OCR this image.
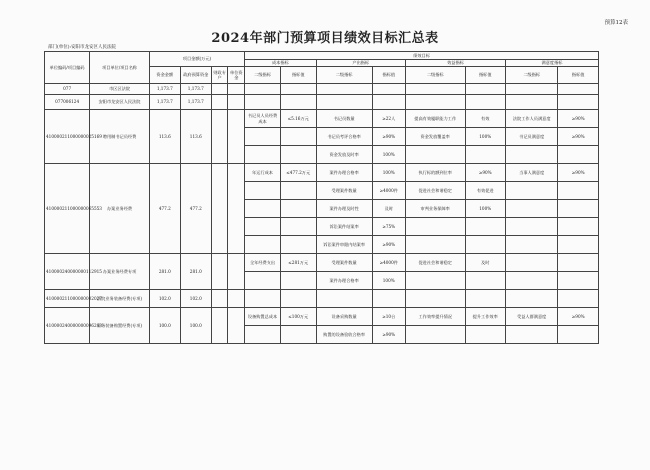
预算12表
2024年部门预算项目绩效目标汇总表
部门(单位):安阳市龙安区人民法院
单位编码/项目编码	项目单位/项目名称	项目金额(万元)				绩效目标							
						成本指标		产出指标		效益指标		满意度指标	
		资金金额	政府预算资金	财政专户	单位资金	二级指标	指标值	二级指标	指标值	二级指标	指标值	二级指标	指标值
077	市区区法院	1,173.7	1,173.7										
077006124	安阳市龙安区人民法院	1,173.7	1,173.7										
410000211000000025169	聘用制书记员经费	113.6	113.6			书记员人员经费成本	≤5.16万元	书记员数量	≥22人	提高有效履职能力工作	有效	法院工作人员满意度	≥90%
								书记员考评合格率	≥90%	资金发放覆盖率	100%	书记员满意度	≥90%
								资金发放及时率	100%				
410000211000000065553	办案业务经费	477.2	477.2			年运行成本	≤477.2万元	案件办理合格率	100%	执行标的额到位率	≥90%	当事人满意度	≥90%
								受理案件数量	≥4000件	促进社会和谐稳定	有效促进		
								案件办理及时性	及时	审判业务保障率	100%		
								诉讼案件结案率	≥75%				
								诉讼案件审限内结案率	≥90%				
410000240000000112915	办案业务经费专项	281.0	281.0			全年经费支出	≤281万元	受理案件数量	≥4000件	促进社会和谐稳定	及时		
								案件办理合格率	100%				
410000211000000002027	法院业务装备经费(专项)	102.0	102.0										
410000240000000096203	业务装备购置经费(专项)	100.0	100.0			设备购置总成本	≤100万元	设备采购数量	≥10台	工作效率提升情况	提升工作效率	受益人群满意度	≥90%
								购置的设备验收合格率	≥90%				
